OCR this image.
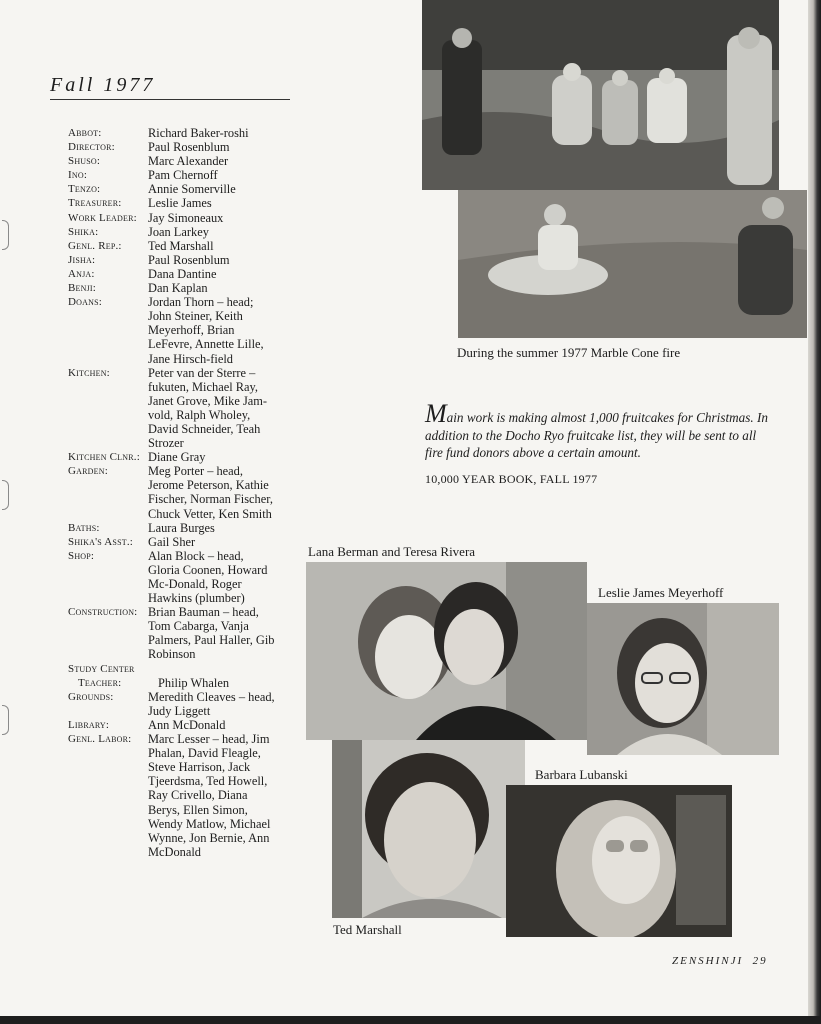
Fall 1977
Abbot:	Richard Baker-roshi
Director:	Paul Rosenblum
Shuso:	Marc Alexander
Ino:	Pam Chernoff
Tenzo:	Annie Somerville
Treasurer:	Leslie James
Work Leader: Jay Simoneaux
Shika:	Joan Larkey
Genl. Rep.:	Ted Marshall
Jisha:	Paul Rosenblum
Anja:	Dana Dantine
Benji:	Dan Kaplan
Doans:	Jordan Thorn – head;
John Steiner, Keith
Meyerhoff, Brian
LeFevre, Annette Lille,
Jane Hirsch-field
Kitchen:	Peter van der Sterre –
fukuten, Michael Ray,
Janet Grove, Mike Jam-
vold, Ralph Wholey,
David Schneider, Teah
Strozer
Kitchen Clnr.: Diane Gray
Garden:	Meg Porter – head,
Jerome Peterson, Kathie
Fischer, Norman Fischer,
Chuck Vetter, Ken Smith
Baths:	Laura Burges
Shika's Asst.:	Gail Sher
Shop:	Alan Block – head,
Gloria Coonen, Howard
Mc-Donald, Roger
Hawkins (plumber)
Construction: Brian Bauman – head,
Tom Cabarga, Vanja
Palmers, Paul Haller, Gib
Robinson
Study Center
Teacher:	Philip Whalen
Grounds:	Meredith Cleaves – head,
Judy Liggett
Library:	Ann McDonald
Genl. Labor:	Marc Lesser – head, Jim
Phalan, David Fleagle,
Steve Harrison, Jack
Tjeerdsma, Ted Howell,
Ray Crivello, Diana
Berys, Ellen Simon,
Wendy Matlow, Michael
Wynne, Jon Bernie, Ann
McDonald
During the summer 1977 Marble Cone fire
Main work is making almost 1,000 fruitcakes for Christmas. In addition to the Docho Ryo fruitcake list, they will be sent to all fire fund donors above a certain amount.
10,000 YEAR BOOK, FALL 1977
Lana Berman and Teresa Rivera
Leslie James Meyerhoff
Ted Marshall
Barbara Lubanski
ZENSHINJI 29
